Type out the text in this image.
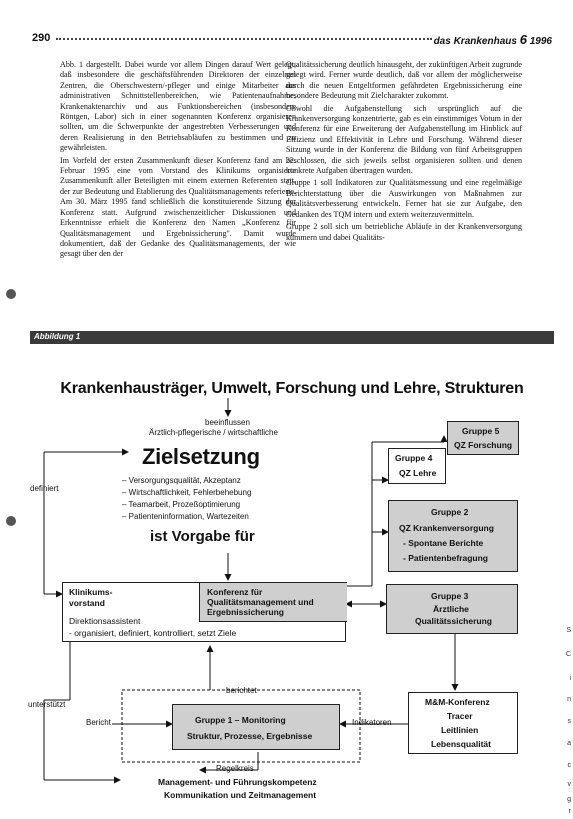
290	das Krankenhaus 6 1996

Abb. 1 dargestellt. Dabei wurde vor allem Dingen darauf Wert gelegt, daß insbesondere die geschäftsführenden Direktoren der einzelnen Zentren, die Oberschwestern/-pfleger und einige Mitarbeiter aus administrativen Schnittstellenbereichen, wie Patientenaufnahme, Krankenaktenarchiv und aus Funktionsbereichen (insbesondere Röntgen, Labor) sich in einer sogenannten Konferenz organisieren sollten, um die Schwerpunkte der angestrebten Verbesserungen und deren Realisierung in den Betriebsabläufen zu bestimmen und zu gewährleisten.

Im Vorfeld der ersten Zusammenkunft dieser Konferenz fand am 22. Februar 1995 eine vom Vorstand des Klinikums organisierte Zusammenkunft aller Beteiligten mit einem externen Referenten statt, der zur Bedeutung und Etablierung des Qualitätsmanagements referierte. Am 30. März 1995 fand schließlich die konstituierende Sitzung der Konferenz statt. Aufgrund zwischenzeitlicher Diskussionen und Erkenntnisse erhielt die Konferenz den Namen „Konferenz für Qualitätsmanagement und Ergebnissicherung". Damit wurde dokumentiert, daß der Gedanke des Qualitätsmanagements, der wie gesagt über den der

Qualitätssicherung deutlich hinausgeht, der zukünftigen Arbeit zugrunde gelegt wird. Ferner wurde deutlich, daß vor allem der möglicherweise durch die neuen Entgeltformen gefährdeten Ergebnissicherung eine besondere Bedeutung mit Zielcharakter zukommt.

Obwohl die Aufgabenstellung sich ursprünglich auf die Krankenversorgung konzentrierte, gab es ein einstimmiges Votum in der Konferenz für eine Erweiterung der Aufgabenstellung im Hinblick auf Effizienz und Effektivität in Lehre und Forschung. Während dieser Sitzung wurde in der Konferenz die Bildung von fünf Arbeitsgruppen beschlossen, die sich jeweils selbst organisieren sollten und denen konkrete Aufgaben übertragen wurden.

Gruppe 1 soll Indikatoren zur Qualitätsmessung und eine regelmäßige Berichterstattung über die Auswirkungen von Maßnahmen zur Qualitätsverbesserung entwickeln. Ferner hat sie zur Aufgabe, den Gedanken des TQM intern und extern weiterzuvermitteln.

Gruppe 2 soll sich um betriebliche Abläufe in der Krankenversorgung kümmern und dabei Qualitäts-

S
C
i
n
s
a
c
v
g
r
Abbildung 1
Krankenhausträger, Umwelt, Forschung und Lehre, Strukturen
beeinflussen
Ärztlich-pflegerische / wirtschaftliche
Zielsetzung
– Versorgungsqualität, Akzeptanz
– Wirtschaftlichkeit, Fehlerbehebung
– Teamarbeit, Prozeßoptimierung
– Patienteninformation, Wartezeiten
ist Vorgabe für
definiert
Gruppe 5
QZ Forschung
Gruppe 4
QZ Lehre
Gruppe 2
QZ Krankenversorgung
- Spontane Berichte
- Patientenbefragung
Klinikums-
vorstand
Konferenz für
Qualitätsmanagement und
Ergebnissicherung
Direktionsassistent
- organisiert, definiert, kontrolliert, setzt Ziele
Gruppe 3
Ärztliche
Qualitätssicherung
unterstützt
berichtet
Gruppe 1 – Monitoring
Struktur, Prozesse, Ergebnisse
Bericht	Indikatoren
M&M-Konferenz
Tracer
Leitlinien
Lebensqualität
Regelkreis
Management- und Führungskompetenz
Kommunikation und Zeitmanagement
